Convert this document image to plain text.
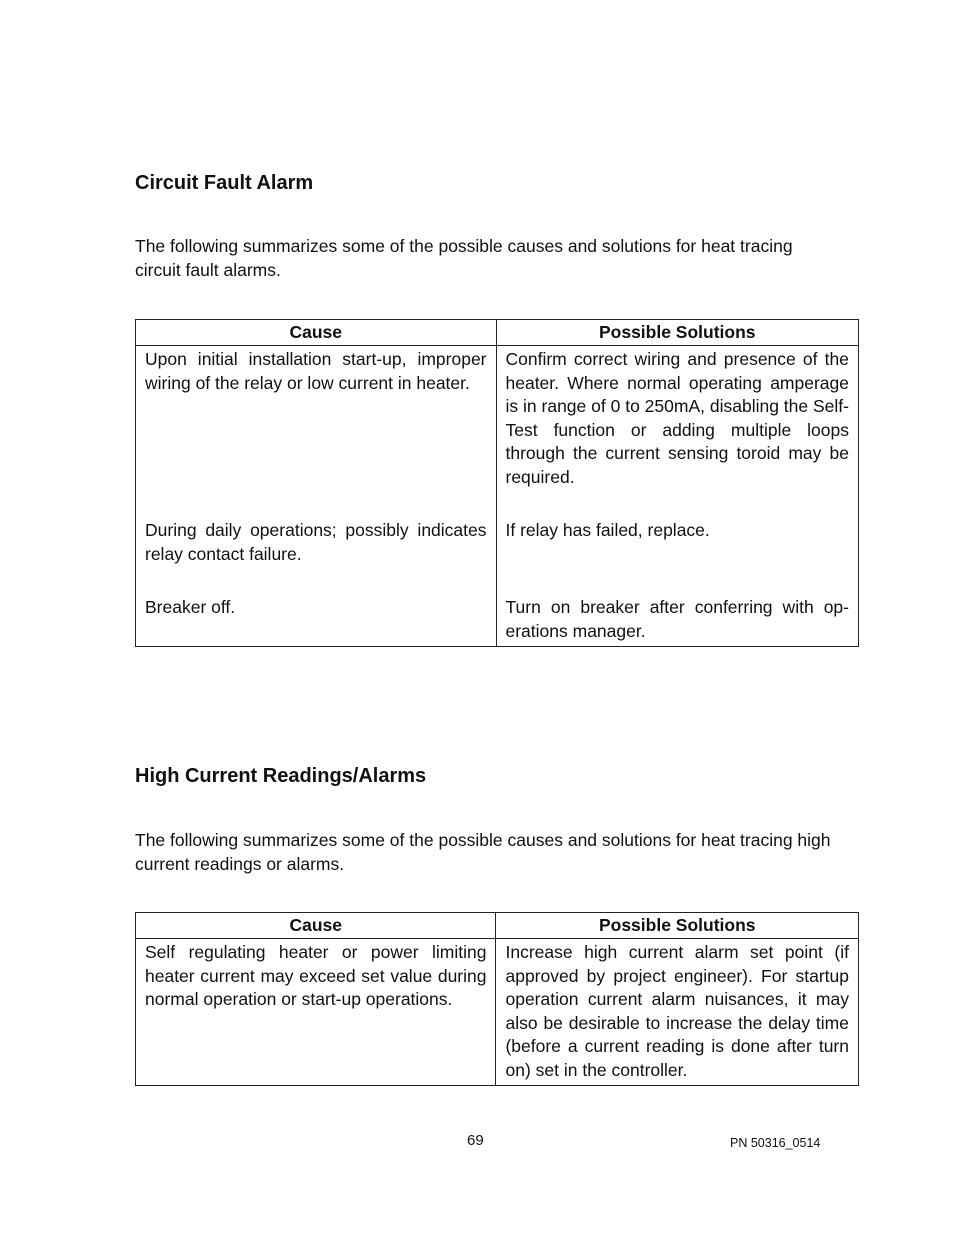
Circuit Fault Alarm

The following summarizes some of the possible causes and solutions for heat tracing circuit fault alarms.

Cause	Possible Solutions
Upon initial installation start-up, improper wiring of the relay or low current in heater.	Confirm correct wiring and presence of the heater. Where normal operating amperage is in range of 0 to 250mA, disabling the Self-Test function or adding multiple loops through the current sensing toroid may be required.
During daily operations; possibly indicates relay contact failure.	If relay has failed, replace.
Breaker off.	Turn on breaker after conferring with operations manager.
High Current Readings/Alarms

The following summarizes some of the possible causes and solutions for heat tracing high current readings or alarms.

Cause	Possible Solutions
Self regulating heater or power limiting heater current may exceed set value during normal operation or start-up operations.	Increase high current alarm set point (if approved by project engineer). For startup operation current alarm nuisances, it may also be desirable to increase the delay time (before a current reading is done after turn on) set in the controller.

69	PN 50316_0514
